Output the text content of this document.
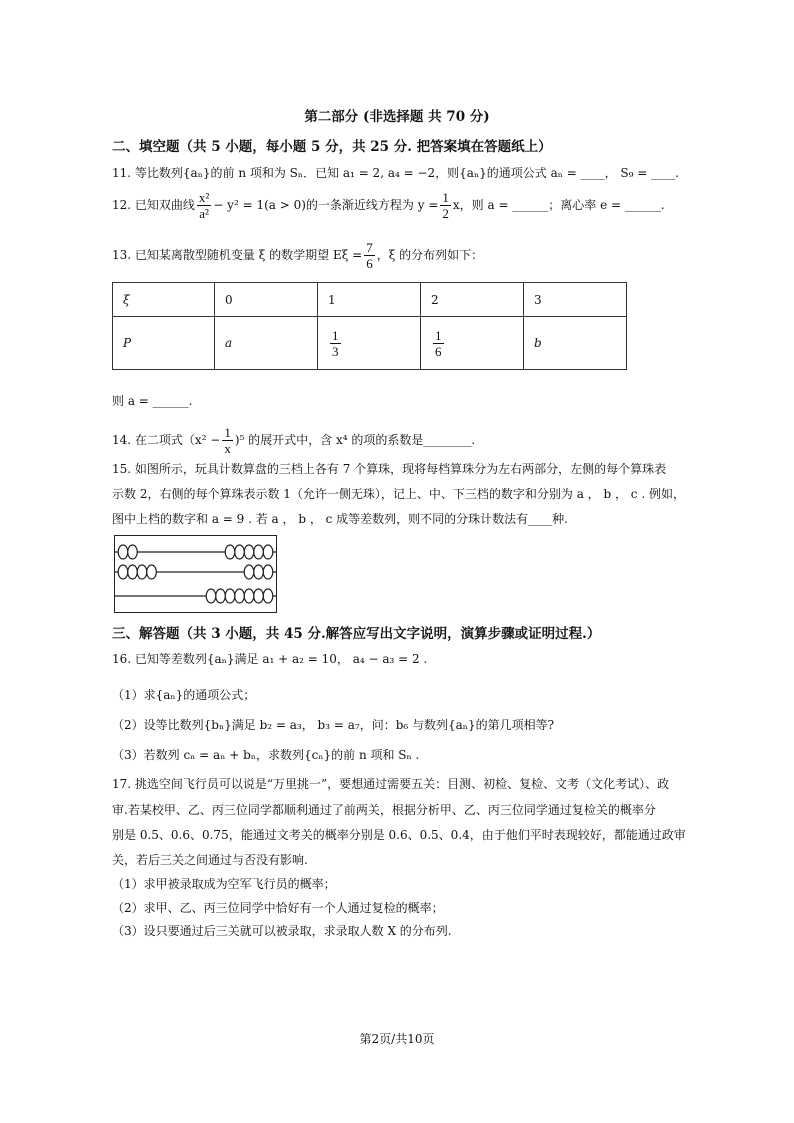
第二部分 (非选择题 共 70 分)
二、填空题（共 5 小题，每小题 5 分，共 25 分. 把答案填在答题纸上）
11. 等比数列{aₙ}的前 n 项和为 Sₙ．已知 a₁ = 2, a₄ = −2，则{aₙ}的通项公式 aₙ = ____， S₉ = ____.
12. 已知双曲线 $\frac{\text{x²}}{\text{a²}} - y^2 = 1(a > 0)$的一条渐近线方程为 $y = \frac{1}{2}$ x，则 a = ______；离心率 e = ______.
13. 已知某离散型随机变量 ξ 的数学期望 $E\xi = \frac{7}{6}$ ，ξ 的分布列如下：
ξ	0	1	2	3
P	a	$\frac{1}{3}$	$\frac{1}{6}$	b
则 a = ______.
14. 在二项式$(x^2 - \frac{1}{x} )^5$ 的展开式中，含 x⁴ 的项的系数是________.
15. 如图所示，玩具计数算盘的三档上各有 7 个算珠，现将每档算珠分为左右两部分，左侧的每个算珠表
示数 2，右侧的每个算珠表示数 1（允许一侧无珠），记上、中、下三档的数字和分别为 a ， b ， c . 例如，
图中上档的数字和 a = 9 . 若 a ， b ， c 成等差数列，则不同的分珠计数法有____种.
三、解答题（共 3 小题，共 45 分.解答应写出文字说明，演算步骤或证明过程.）
16. 已知等差数列{aₙ}满足 a₁ + a₂ = 10， a₄ − a₃ = 2 .
（1）求{aₙ}的通项公式；
（2）设等比数列{bₙ}满足 b₂ = a₃， b₃ = a₇，问：b₆ 与数列{aₙ}的第几项相等?
（3）若数列 cₙ = aₙ + bₙ，求数列{cₙ}的前 n 项和 Sₙ .
17. 挑选空间飞行员可以说是“万里挑一”，要想通过需要五关：目测、初检、复检、文考（文化考试）、政
审.若某校甲、乙、丙三位同学都顺利通过了前两关，根据分析甲、乙、丙三位同学通过复检关的概率分
别是 0.5、0.6、0.75，能通过文考关的概率分别是 0.6、0.5、0.4，由于他们平时表现较好，都能通过政审
关，若后三关之间通过与否没有影响.
（1）求甲被录取成为空军飞行员的概率；
（2）求甲、乙、丙三位同学中恰好有一个人通过复检的概率；
（3）设只要通过后三关就可以被录取，求录取人数 X 的分布列.
第2页/共10页
